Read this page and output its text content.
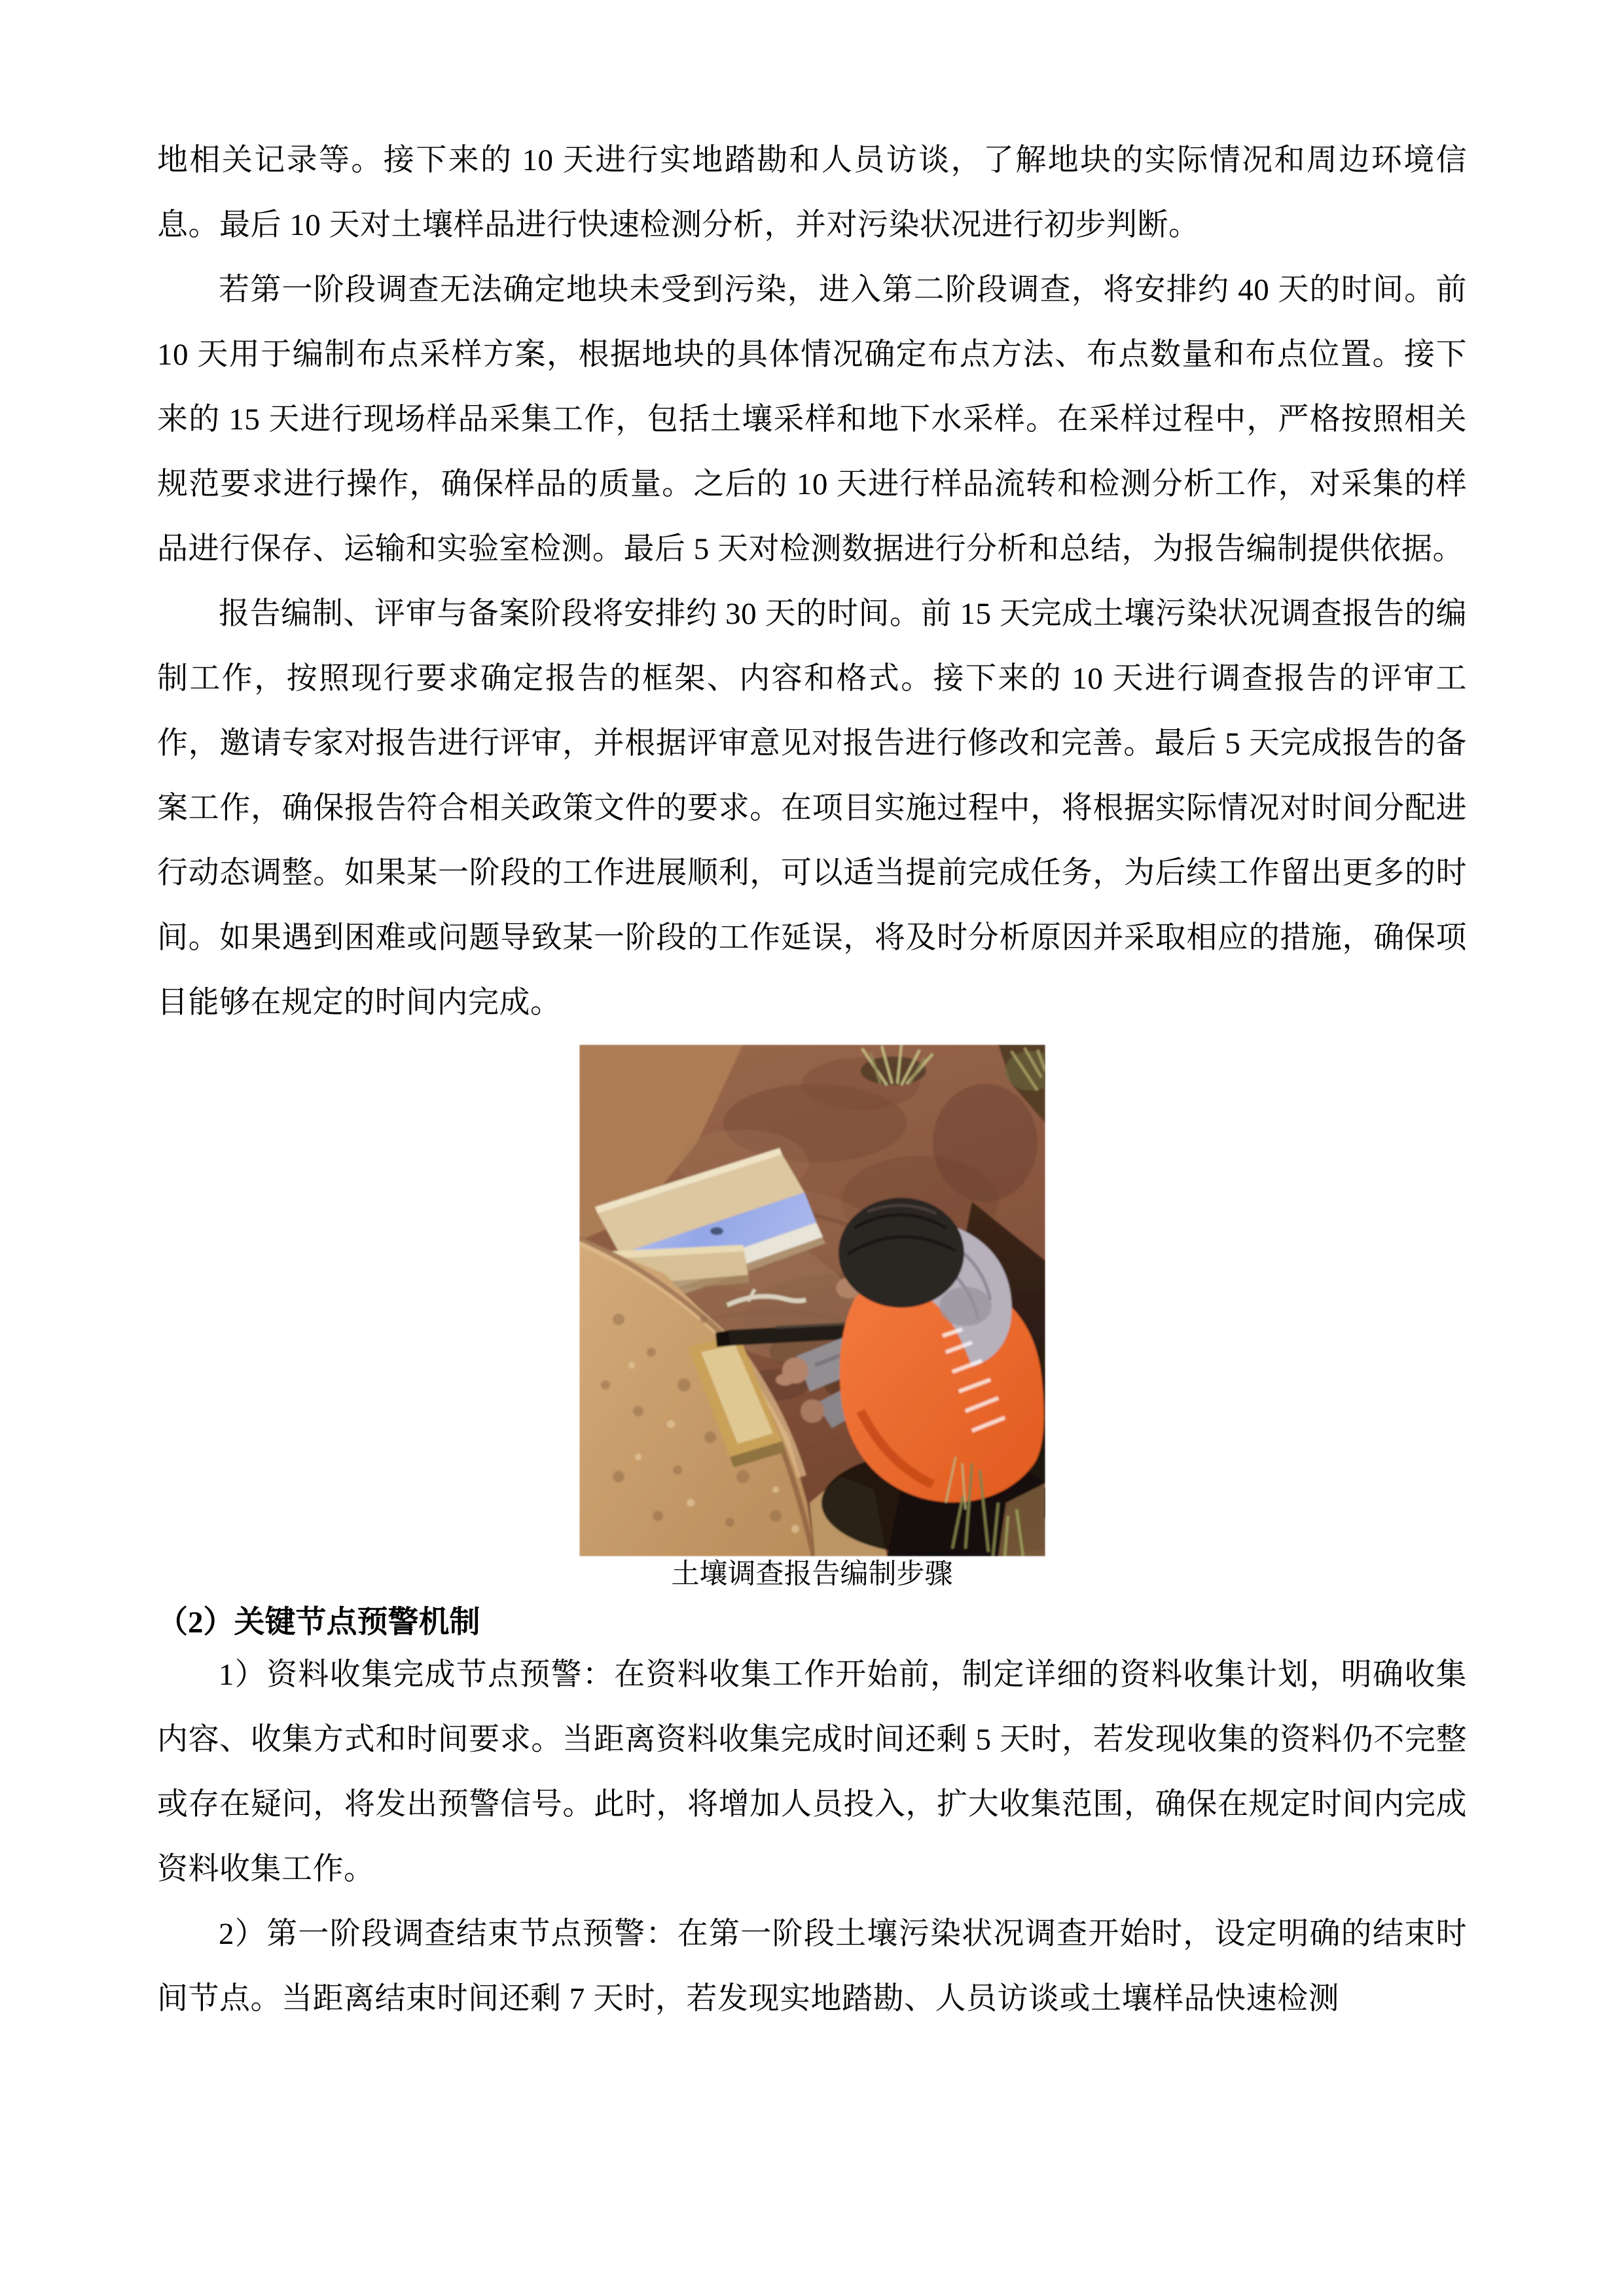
地相关记录等。接下来的 10 天进行实地踏勘和人员访谈，了解地块的实际情况和周边环境信息。最后 10 天对土壤样品进行快速检测分析，并对污染状况进行初步判断。

若第一阶段调查无法确定地块未受到污染，进入第二阶段调查，将安排约 40 天的时间。前 10 天用于编制布点采样方案，根据地块的具体情况确定布点方法、布点数量和布点位置。接下来的 15 天进行现场样品采集工作，包括土壤采样和地下水采样。在采样过程中，严格按照相关规范要求进行操作，确保样品的质量。之后的 10 天进行样品流转和检测分析工作，对采集的样品进行保存、运输和实验室检测。最后 5 天对检测数据进行分析和总结，为报告编制提供依据。

报告编制、评审与备案阶段将安排约 30 天的时间。前 15 天完成土壤污染状况调查报告的编制工作，按照现行要求确定报告的框架、内容和格式。接下来的 10 天进行调查报告的评审工作，邀请专家对报告进行评审，并根据评审意见对报告进行修改和完善。最后 5 天完成报告的备案工作，确保报告符合相关政策文件的要求。在项目实施过程中，将根据实际情况对时间分配进行动态调整。如果某一阶段的工作进展顺利，可以适当提前完成任务，为后续工作留出更多的时间。如果遇到困难或问题导致某一阶段的工作延误，将及时分析原因并采取相应的措施，确保项目能够在规定的时间内完成。

土壤调查报告编制步骤
（2）关键节点预警机制

1）资料收集完成节点预警：在资料收集工作开始前，制定详细的资料收集计划，明确收集内容、收集方式和时间要求。当距离资料收集完成时间还剩 5 天时，若发现收集的资料仍不完整或存在疑问，将发出预警信号。此时，将增加人员投入，扩大收集范围，确保在规定时间内完成资料收集工作。

2）第一阶段调查结束节点预警：在第一阶段土壤污染状况调查开始时，设定明确的结束时间节点。当距离结束时间还剩 7 天时，若发现实地踏勘、人员访谈或土壤样品快速检测
